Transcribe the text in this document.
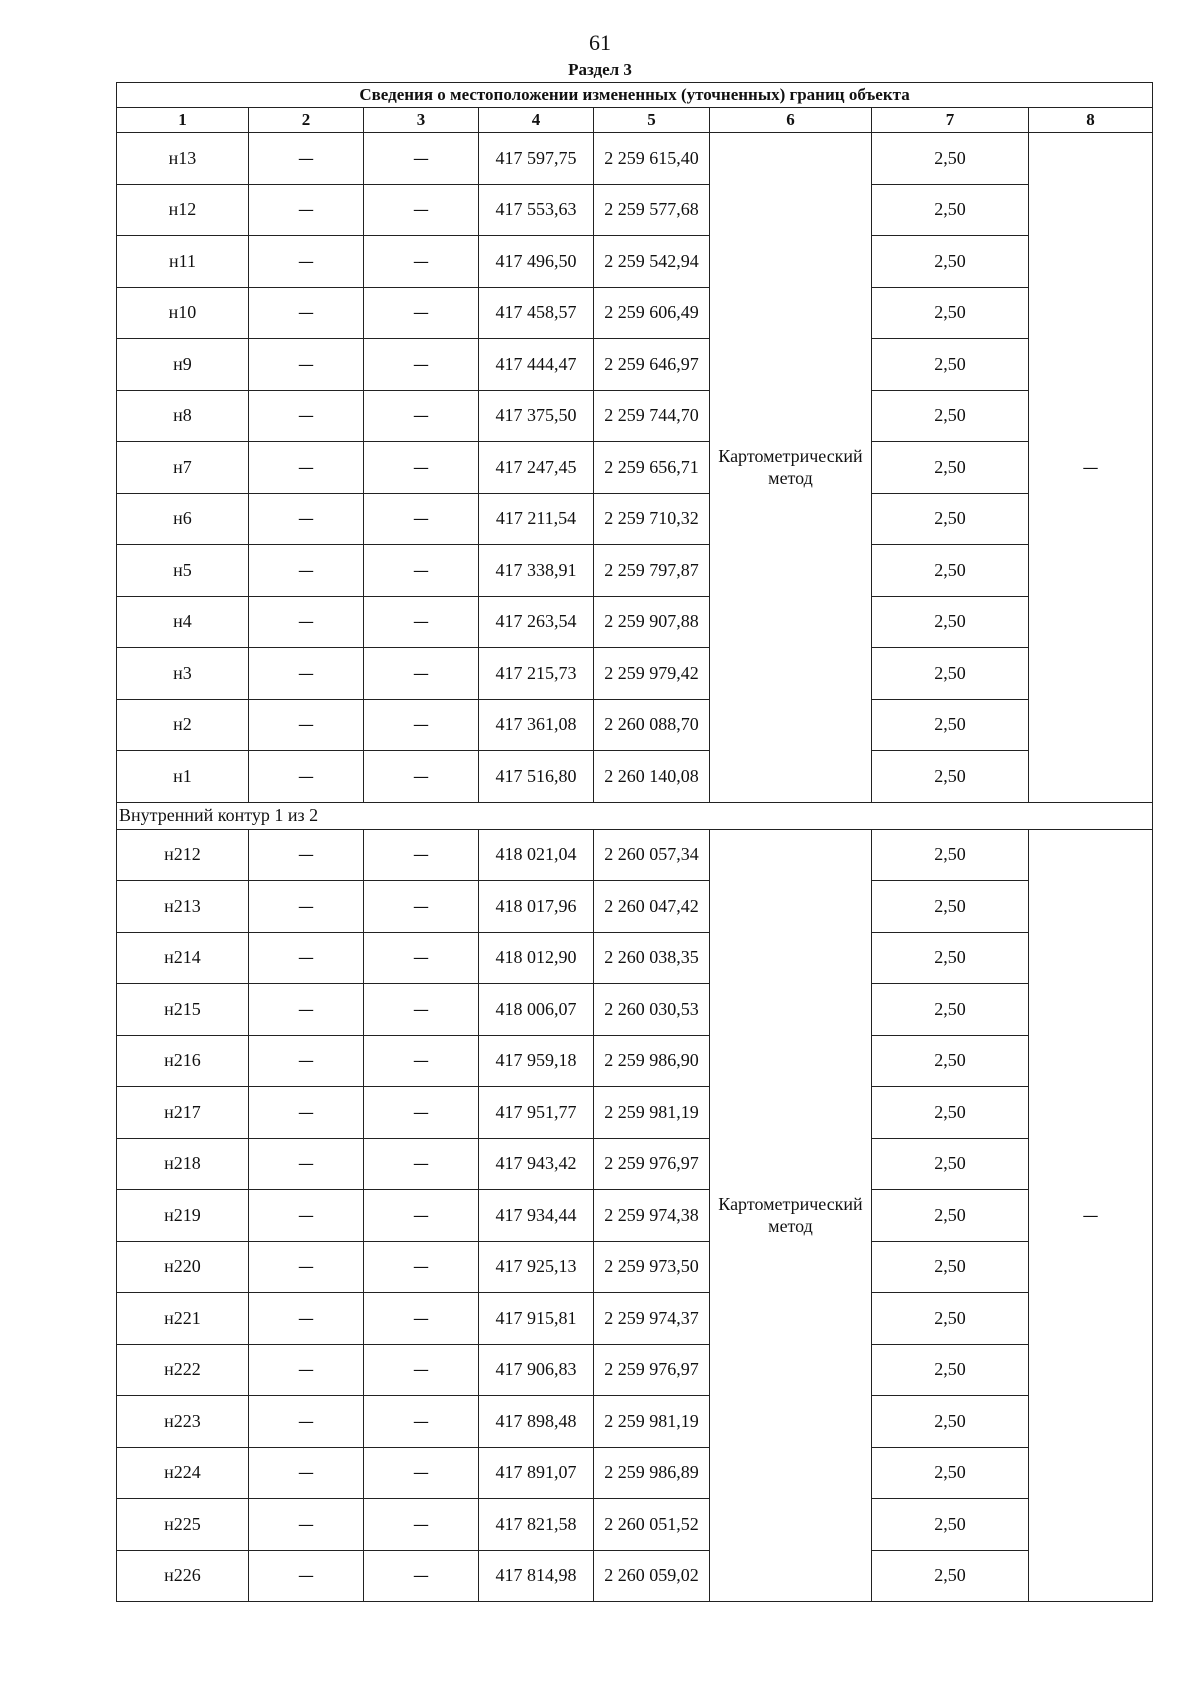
61
Раздел 3
Сведения о местоположении измененных (уточненных) границ объекта							
1	2	3	4	5	6	7	8
н13	—	—	417 597,75	2 259 615,40	Картометрический метод	2,50	—
н12	—	—	417 553,63	2 259 577,68		2,50	
н11	—	—	417 496,50	2 259 542,94		2,50	
н10	—	—	417 458,57	2 259 606,49		2,50	
н9	—	—	417 444,47	2 259 646,97		2,50	
н8	—	—	417 375,50	2 259 744,70		2,50	
н7	—	—	417 247,45	2 259 656,71		2,50	
н6	—	—	417 211,54	2 259 710,32		2,50	
н5	—	—	417 338,91	2 259 797,87		2,50	
н4	—	—	417 263,54	2 259 907,88		2,50	
н3	—	—	417 215,73	2 259 979,42		2,50	
н2	—	—	417 361,08	2 260 088,70		2,50	
н1	—	—	417 516,80	2 260 140,08		2,50	
Внутренний контур 1 из 2							
н212	—	—	418 021,04	2 260 057,34	Картометрический метод	2,50	—
н213	—	—	418 017,96	2 260 047,42		2,50	
н214	—	—	418 012,90	2 260 038,35		2,50	
н215	—	—	418 006,07	2 260 030,53		2,50	
н216	—	—	417 959,18	2 259 986,90		2,50	
н217	—	—	417 951,77	2 259 981,19		2,50	
н218	—	—	417 943,42	2 259 976,97		2,50	
н219	—	—	417 934,44	2 259 974,38		2,50	
н220	—	—	417 925,13	2 259 973,50		2,50	
н221	—	—	417 915,81	2 259 974,37		2,50	
н222	—	—	417 906,83	2 259 976,97		2,50	
н223	—	—	417 898,48	2 259 981,19		2,50	
н224	—	—	417 891,07	2 259 986,89		2,50	
н225	—	—	417 821,58	2 260 051,52		2,50	
н226	—	—	417 814,98	2 260 059,02		2,50	
